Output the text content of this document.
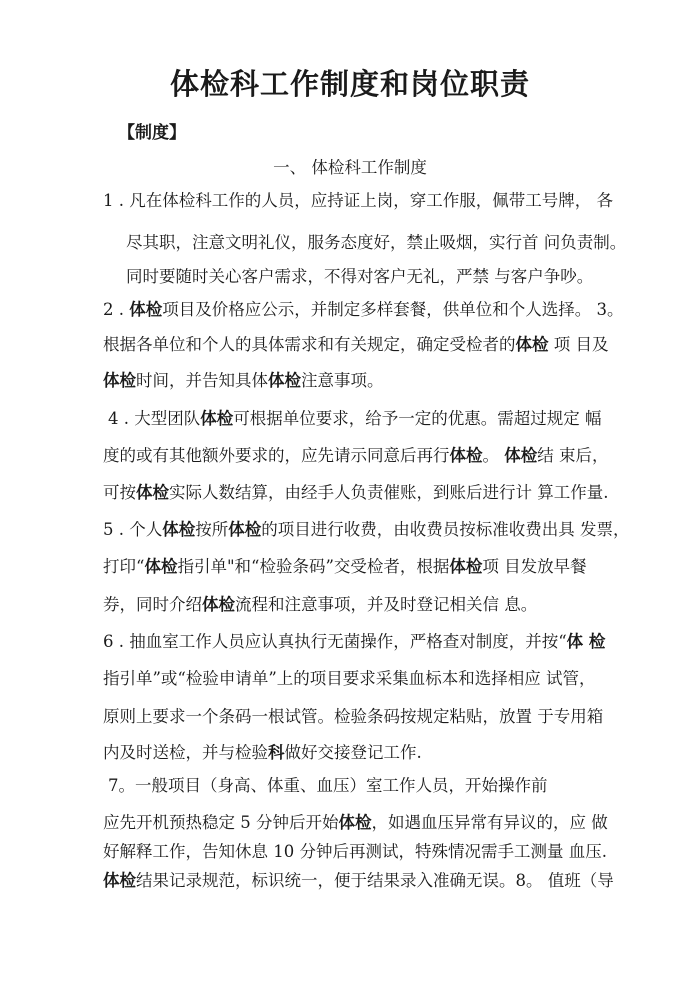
体检科工作制度和岗位职责
【制度】
一、 体检科工作制度
1 . 凡在体检科工作的人员，应持证上岗，穿工作服，佩带工号牌， 各
尽其职，注意文明礼仪，服务态度好，禁止吸烟，实行首 问负责制。
同时要随时关心客户需求，不得对客户无礼，严禁 与客户争吵。
2 . 体检项目及价格应公示，并制定多样套餐，供单位和个人选择。 3。
根据各单位和个人的具体需求和有关规定，确定受检者的体检 项 目及
体检时间，并告知具体体检注意事项。
4 . 大型团队体检可根据单位要求，给予一定的优惠。需超过规定 幅
度的或有其他额外要求的，应先请示同意后再行体检。 体检结 束后，
可按体检实际人数结算，由经手人负责催账，到账后进行计 算工作量.
5 . 个人体检按所体检的项目进行收费，由收费员按标准收费出具 发票，
打印“体检指引单"和“检验条码”交受检者，根据体检项 目发放早餐
券，同时介绍体检流程和注意事项，并及时登记相关信 息。
6 . 抽血室工作人员应认真执行无菌操作，严格查对制度，并按“体 检
指引单”或“检验申请单”上的项目要求采集血标本和选择相应 试管，
原则上要求一个条码一根试管。检验条码按规定粘贴，放置 于专用箱
内及时送检，并与检验科做好交接登记工作.
7。一般项目（身高、体重、血压）室工作人员，开始操作前
应先开机预热稳定 5 分钟后开始体检，如遇血压异常有异议的，应 做
好解释工作，告知休息 10 分钟后再测试，特殊情况需手工测量 血压.
体检结果记录规范，标识统一，便于结果录入准确无误。8。 值班（导
